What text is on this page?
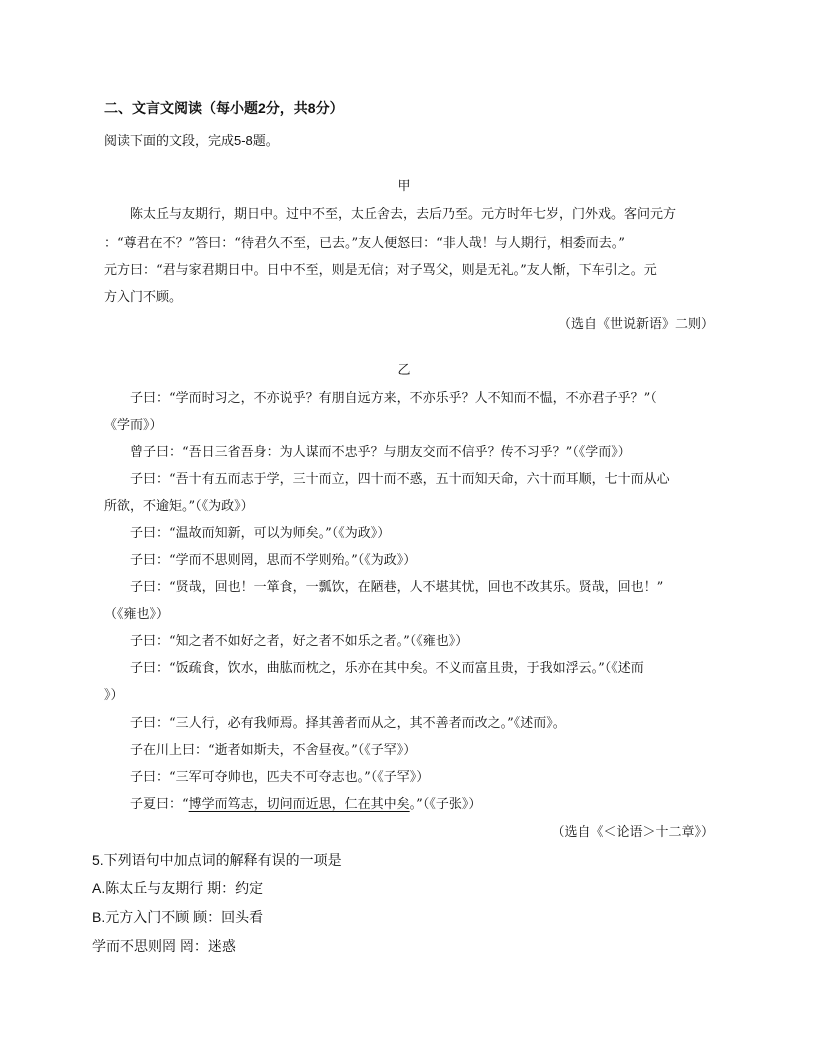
二、文言文阅读（每小题2分，共8分）
阅读下面的文段，完成5-8题。
甲
陈太丘与友期行，期日中。过中不至，太丘舍去，去后乃至。元方时年七岁，门外戏。客问元方
：“尊君在不？”答曰：“待君久不至，已去。”友人便怒曰：“非人哉！与人期行，相委而去。”
元方曰：“君与家君期日中。日中不至，则是无信；对子骂父，则是无礼。”友人惭，下车引之。元
方入门不顾。
（选自《世说新语》二则）
乙
子曰：“学而时习之，不亦说乎？有朋自远方来，不亦乐乎？人不知而不愠，不亦君子乎？”（
《学而》）
曾子曰：“吾日三省吾身：为人谋而不忠乎？与朋友交而不信乎？传不习乎？”（《学而》）
子曰：“吾十有五而志于学，三十而立，四十而不惑，五十而知天命，六十而耳顺，七十而从心
所欲，不逾矩。”（《为政》）
子曰：“温故而知新，可以为师矣。”（《为政》）
子曰：“学而不思则罔，思而不学则殆。”（《为政》）
子曰：“贤哉，回也！一箪食，一瓢饮，在陋巷，人不堪其忧，回也不改其乐。贤哉，回也！”
（《雍也》）
子曰：“知之者不如好之者，好之者不如乐之者。”（《雍也》）
子曰：“饭疏食，饮水，曲肱而枕之，乐亦在其中矣。不义而富且贵，于我如浮云。”（《述而
》）
子曰：“三人行，必有我师焉。择其善者而从之，其不善者而改之。”《述而》。
子在川上曰：“逝者如斯夫，不舍昼夜。”（《子罕》）
子曰：“三军可夺帅也，匹夫不可夺志也。”（《子罕》）
子夏曰：“博学而笃志，切问而近思，仁在其中矣。”（《子张》）
（选自《＜论语＞十二章》）
5.下列语句中加点词的解释有误的一项是
A.陈太丘与友期行 期：约定
B.元方入门不顾 顾：回头看
学而不思则罔 罔：迷惑
